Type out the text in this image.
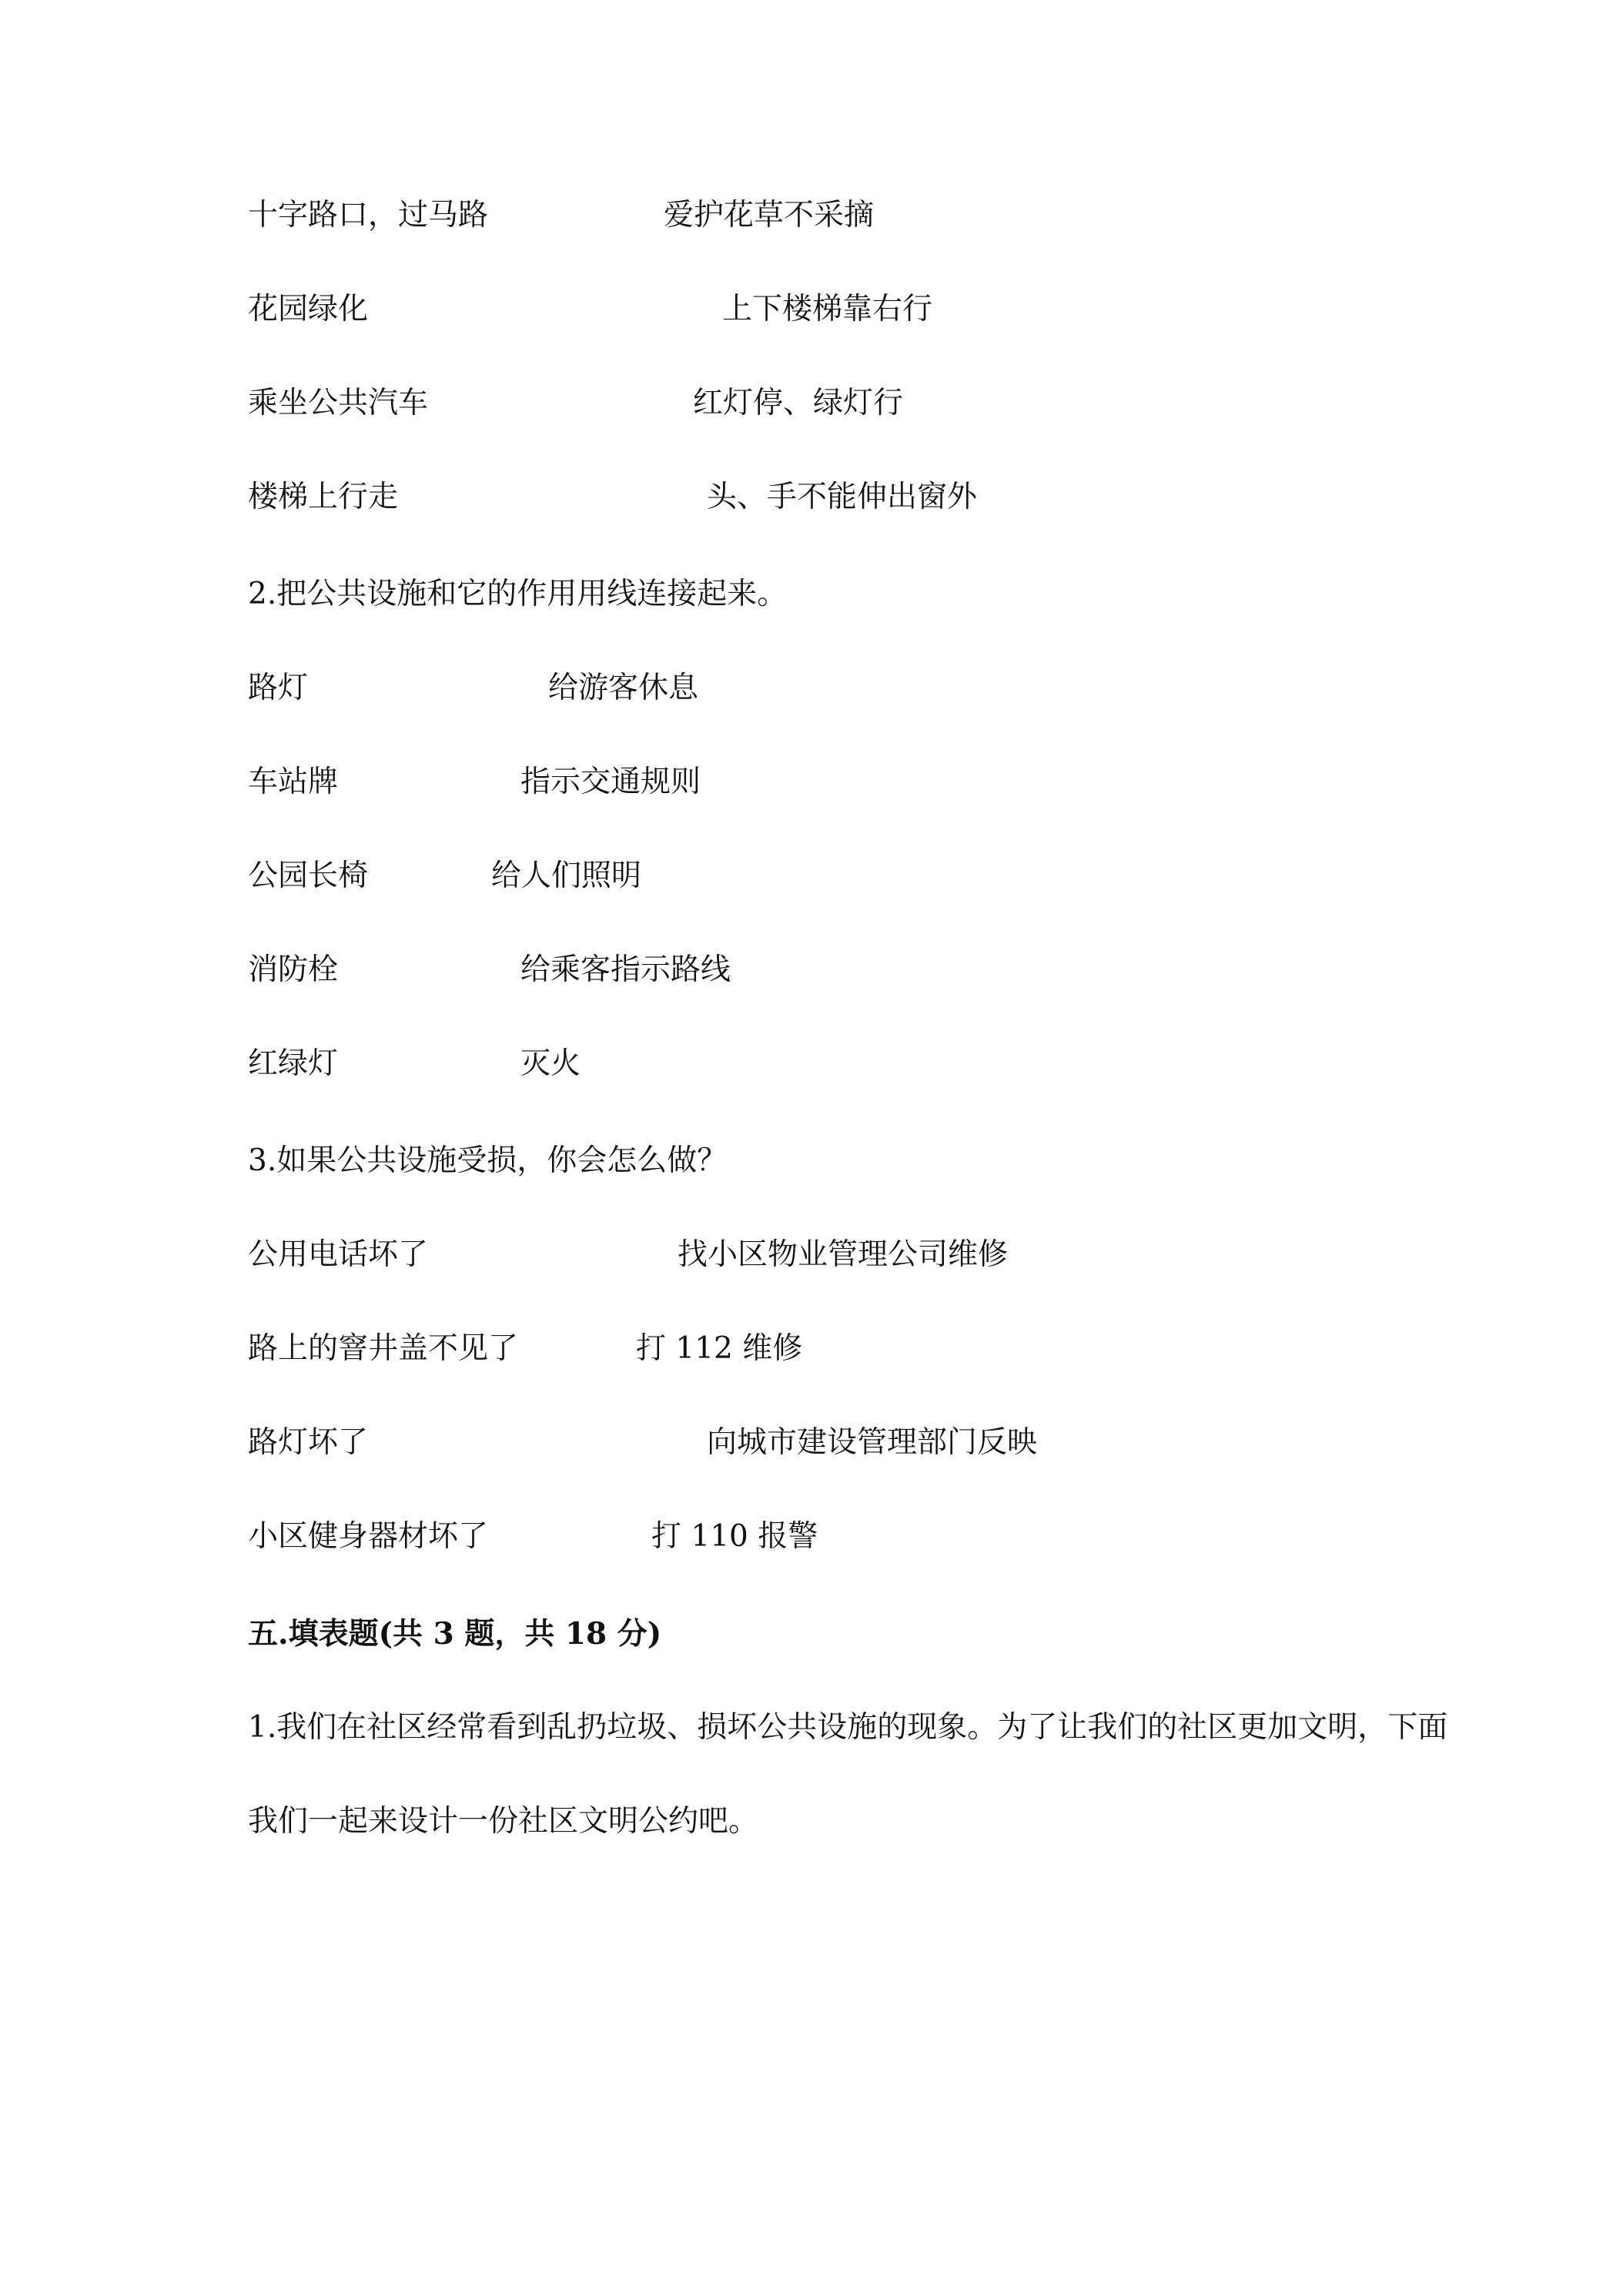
十字路口，过马路	爱护花草不采摘
花园绿化	上下楼梯靠右行
乘坐公共汽车	红灯停、绿灯行
楼梯上行走	头、手不能伸出窗外
2.把公共设施和它的作用用线连接起来。
路灯	给游客休息
车站牌	指示交通规则
公园长椅	给人们照明
消防栓	给乘客指示路线
红绿灯	灭火
3.如果公共设施受损，你会怎么做？
公用电话坏了	找小区物业管理公司维修
路上的窨井盖不见了	打 112 维修
路灯坏了	向城市建设管理部门反映
小区健身器材坏了	打 110 报警
五.填表题(共 3 题，共 18 分)
1.我们在社区经常看到乱扔垃圾、损坏公共设施的现象。为了让我们的社区更加文明，下面
我们一起来设计一份社区文明公约吧。
